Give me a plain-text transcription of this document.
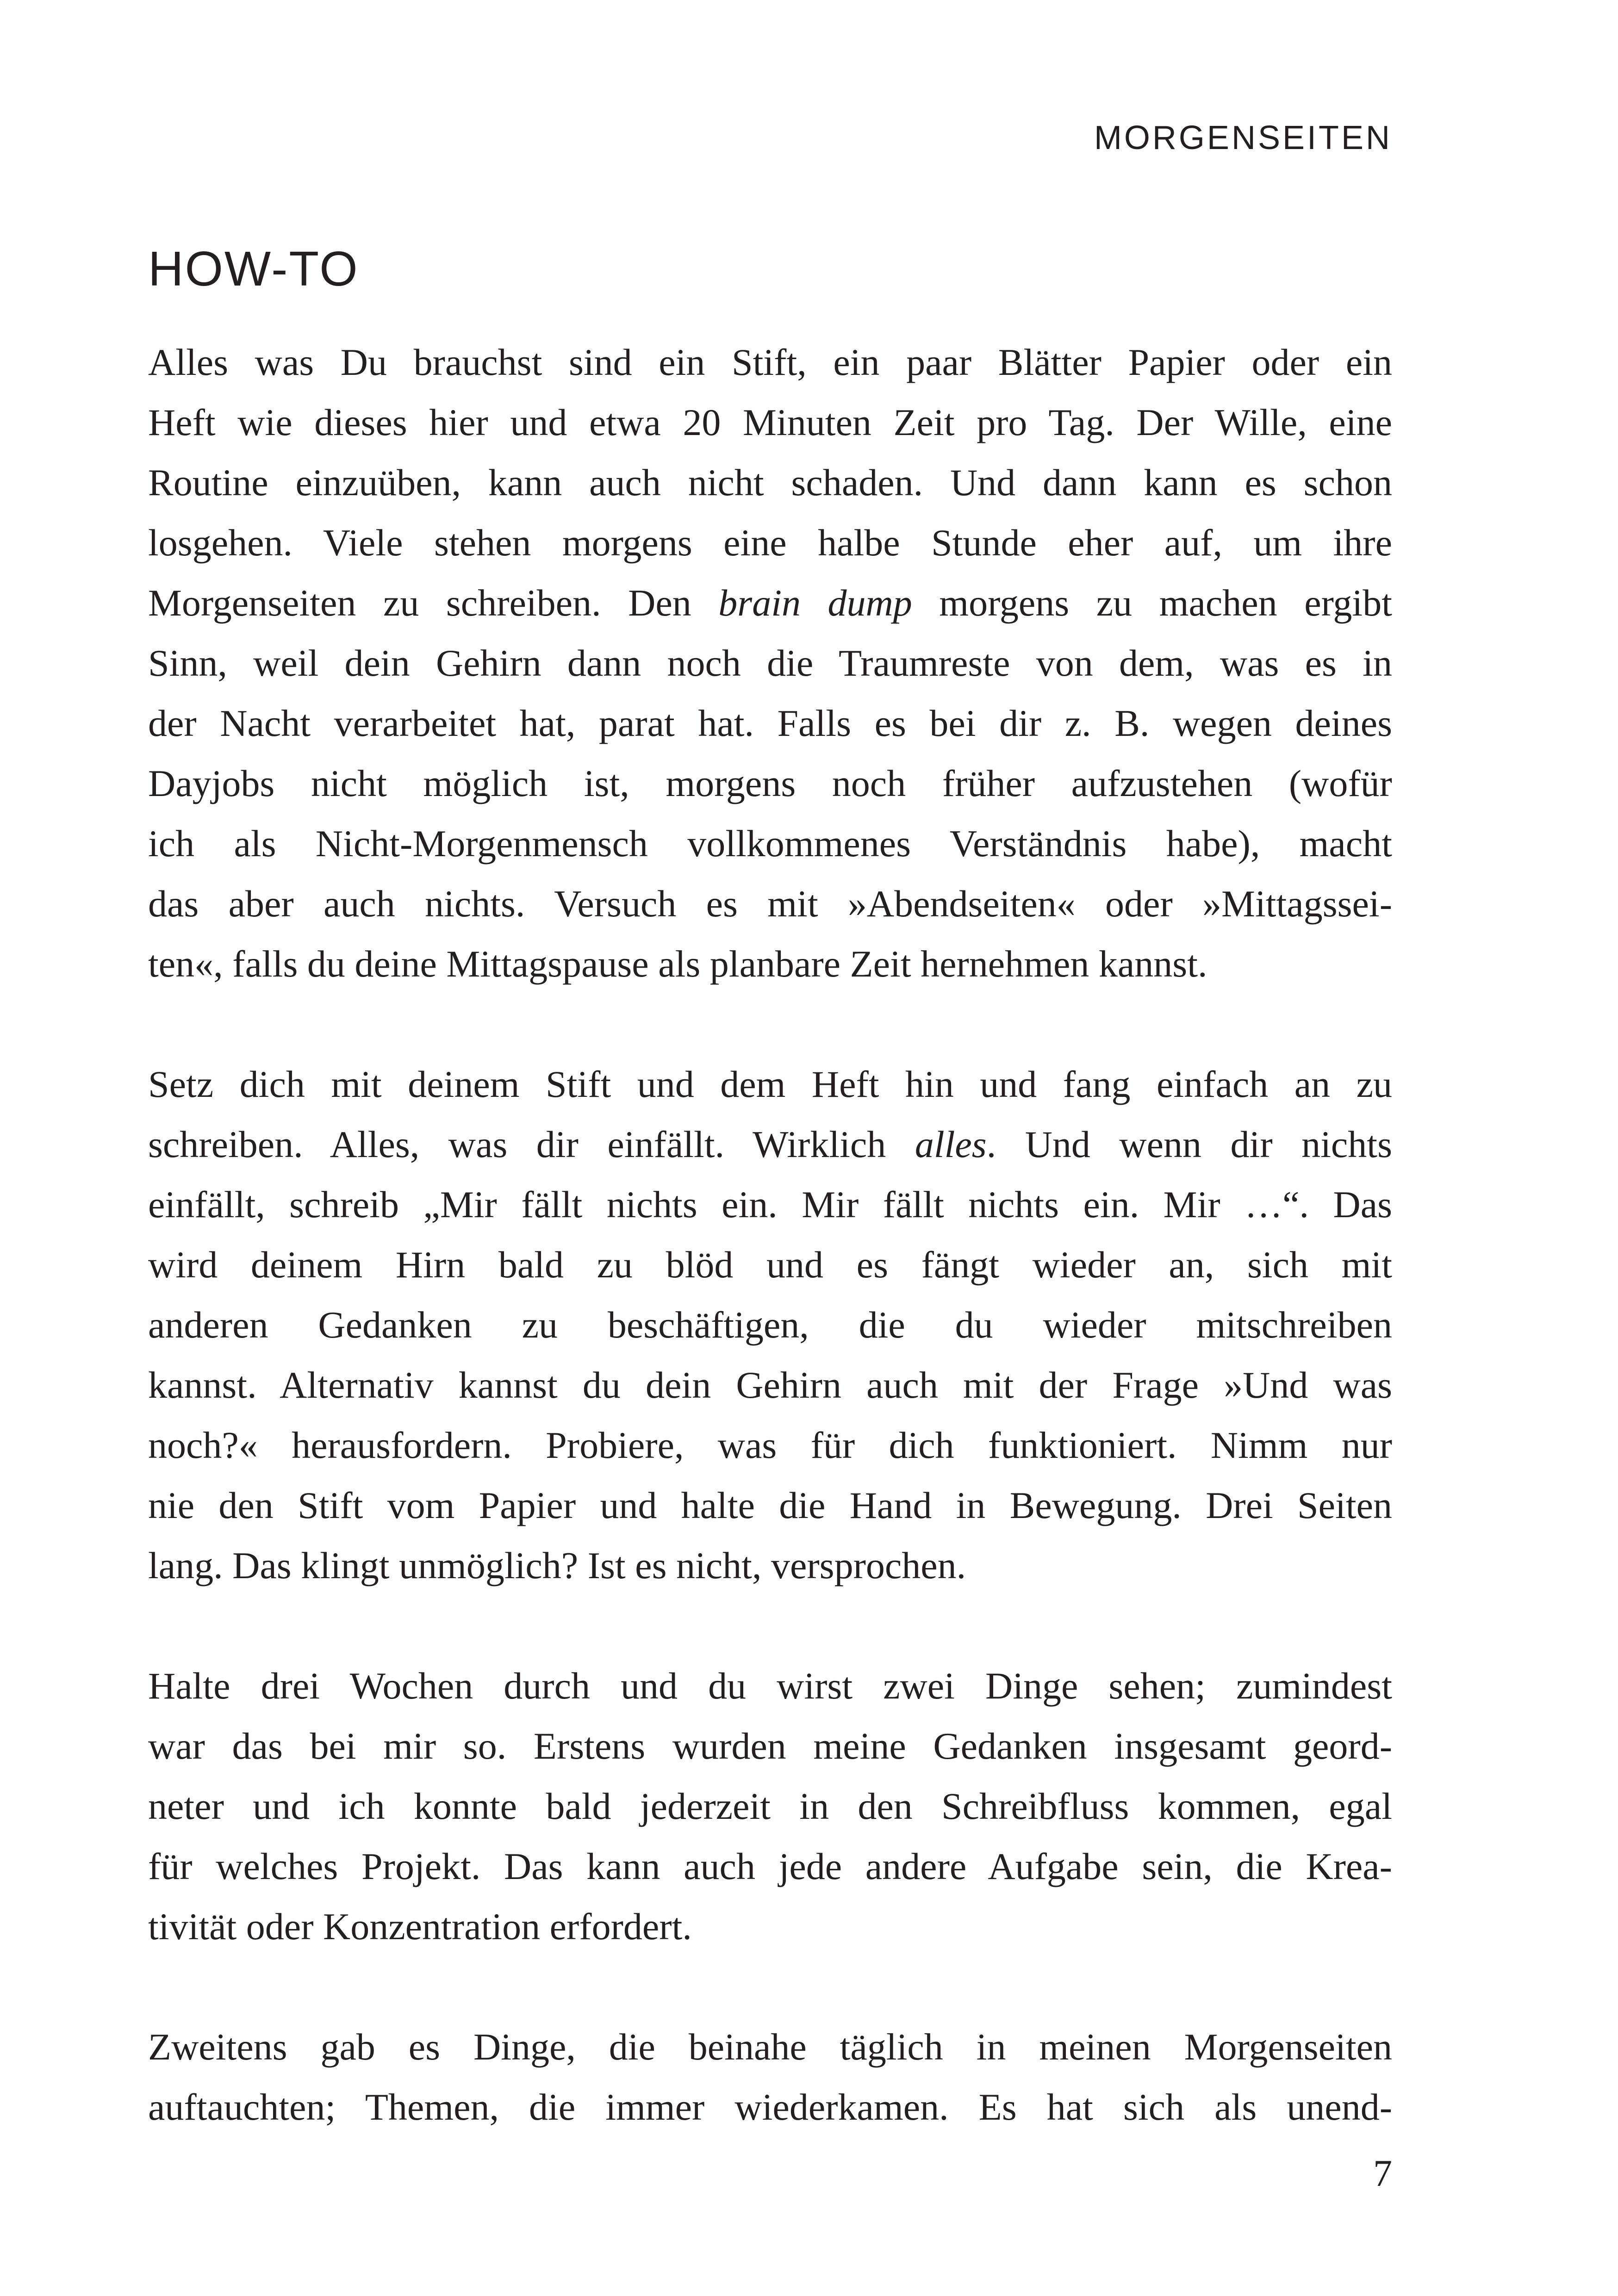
MORGENSEITEN
HOW-TO

Alles was Du brauchst sind ein Stift, ein paar Blätter Papier oder ein
Heft wie dieses hier und etwa 20 Minuten Zeit pro Tag. Der Wille, eine
Routine einzuüben, kann auch nicht schaden. Und dann kann es schon
losgehen. Viele stehen morgens eine halbe Stunde eher auf, um ihre
Morgenseiten zu schreiben. Den brain dump morgens zu machen ergibt
Sinn, weil dein Gehirn dann noch die Traumreste von dem, was es in
der Nacht verarbeitet hat, parat hat. Falls es bei dir z. B. wegen deines
Dayjobs nicht möglich ist, morgens noch früher aufzustehen (wofür
ich als Nicht-Morgenmensch vollkommenes Verständnis habe), macht
das aber auch nichts. Versuch es mit »Abendseiten« oder »Mittagssei-
ten«, falls du deine Mittagspause als planbare Zeit hernehmen kannst.

Setz dich mit deinem Stift und dem Heft hin und fang einfach an zu
schreiben. Alles, was dir einfällt. Wirklich alles. Und wenn dir nichts
einfällt, schreib „Mir fällt nichts ein. Mir fällt nichts ein. Mir …“. Das
wird deinem Hirn bald zu blöd und es fängt wieder an, sich mit
anderen Gedanken zu beschäftigen, die du wieder mitschreiben
kannst. Alternativ kannst du dein Gehirn auch mit der Frage »Und was
noch?« herausfordern. Probiere, was für dich funktioniert. Nimm nur
nie den Stift vom Papier und halte die Hand in Bewegung. Drei Seiten
lang. Das klingt unmöglich? Ist es nicht, versprochen.

Halte drei Wochen durch und du wirst zwei Dinge sehen; zumindest
war das bei mir so. Erstens wurden meine Gedanken insgesamt geord-
neter und ich konnte bald jederzeit in den Schreibfluss kommen, egal
für welches Projekt. Das kann auch jede andere Aufgabe sein, die Krea-
tivität oder Konzentration erfordert.

Zweitens gab es Dinge, die beinahe täglich in meinen Morgenseiten
auftauchten; Themen, die immer wiederkamen. Es hat sich als unend-

7
